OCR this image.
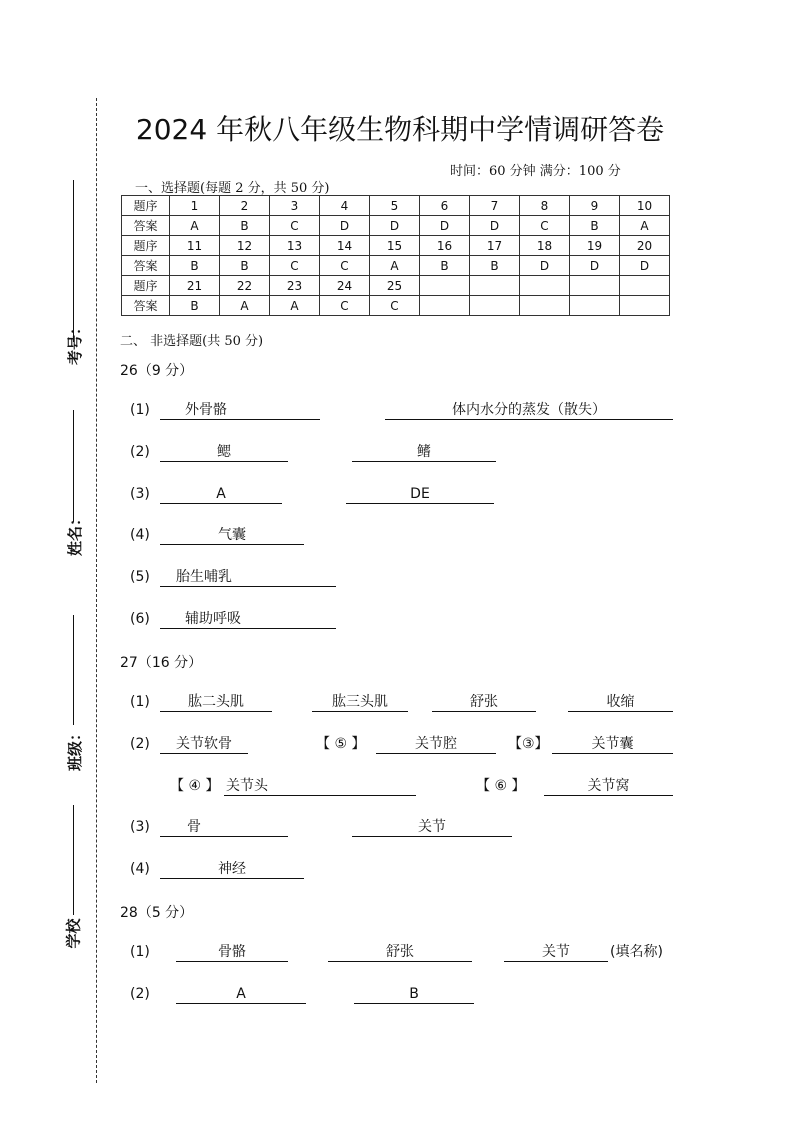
考号：
姓名：
班级：
学校
2024 年秋八年级生物科期中学情调研答卷
时间：60 分钟 满分：100 分
一、选择题(每题 2 分，共 50 分)
题序	1	2	3	4	5	6	7	8	9	10
答案	A	B	C	D	D	D	D	C	B	A
题序	11	12	13	14	15	16	17	18	19	20
答案	B	B	C	C	A	B	B	D	D	D
题序	21	22	23	24	25					
答案	B	A	A	C	C					
二、 非选择题(共 50 分)
26（9 分）
(1)	外骨骼	体内水分的蒸发（散失）
(2)	鳃	鳍
(3)	A	DE
(4)	气囊
(5)	胎生哺乳
(6)	辅助呼吸
27（16 分）
(1)	肱二头肌	肱三头肌	舒张	收缩
(2)	关节软骨	【 ⑤ 】	关节腔	【③】	关节囊
【 ④ 】 关节头	【 ⑥ 】	关节窝
(3)	骨	关节
(4)	神经
28（5 分）
(1)	骨骼	舒张	关节	(填名称)
(2)	A	B
